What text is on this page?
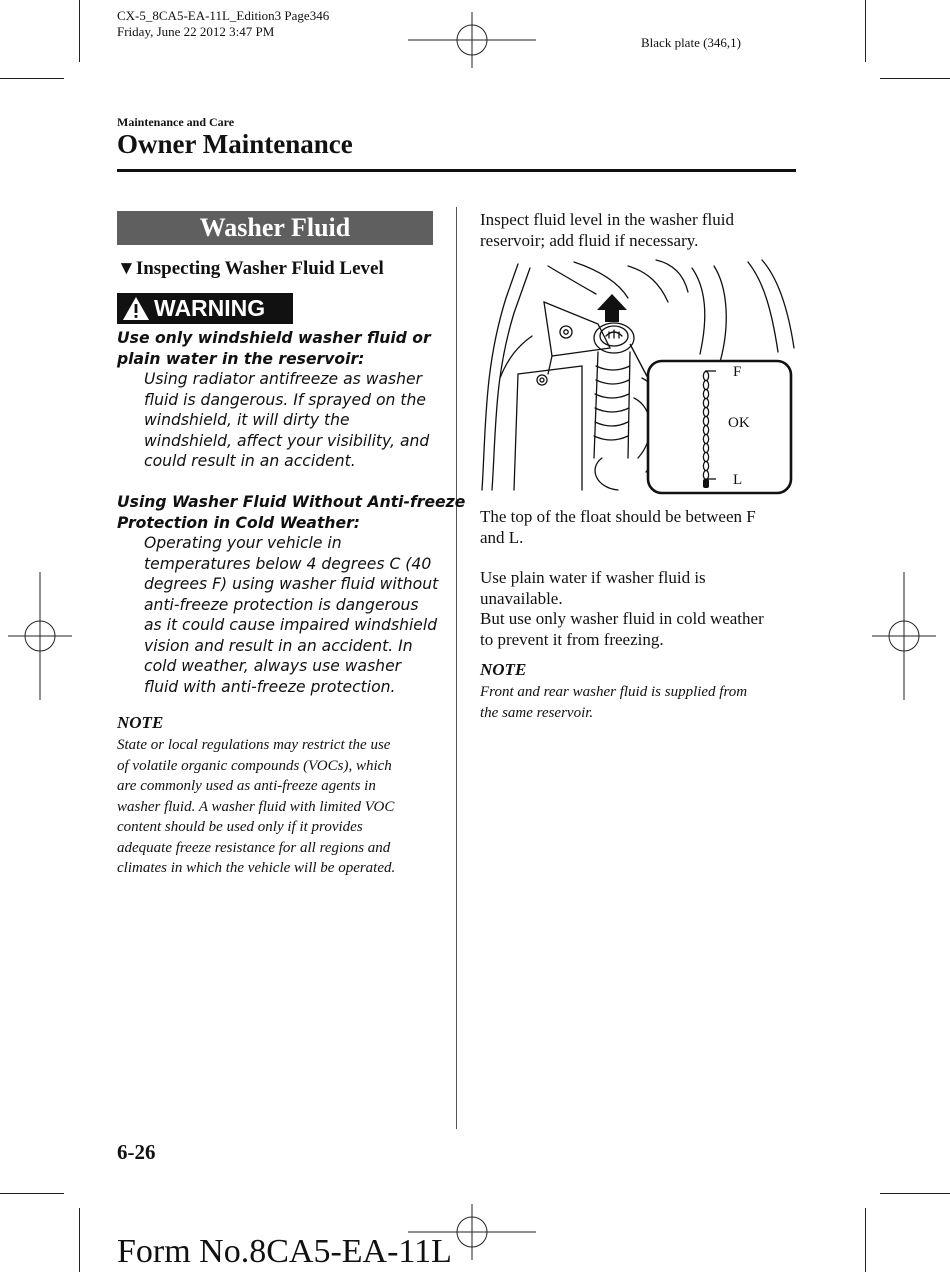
CX-5_8CA5-EA-11L_Edition3 Page346
Friday, June 22 2012 3:47 PM
Black plate (346,1)
Maintenance and Care
Owner Maintenance
Washer Fluid
▼Inspecting Washer Fluid Level
WARNING
Use only windshield washer fluid or
plain water in the reservoir:
Using radiator antifreeze as washer
fluid is dangerous. If sprayed on the
windshield, it will dirty the
windshield, affect your visibility, and
could result in an accident.
Using Washer Fluid Without Anti-freeze
Protection in Cold Weather:
Operating your vehicle in
temperatures below 4 degrees C (40
degrees F) using washer fluid without
anti-freeze protection is dangerous
as it could cause impaired windshield
vision and result in an accident. In
cold weather, always use washer
fluid with anti-freeze protection.
NOTE
State or local regulations may restrict the use
of volatile organic compounds (VOCs), which
are commonly used as anti-freeze agents in
washer fluid. A washer fluid with limited VOC
content should be used only if it provides
adequate freeze resistance for all regions and
climates in which the vehicle will be operated.
Inspect fluid level in the washer fluid
reservoir; add fluid if necessary.
F
OK
L
The top of the float should be between F
and L.
Use plain water if washer fluid is
unavailable.
But use only washer fluid in cold weather
to prevent it from freezing.
NOTE
Front and rear washer fluid is supplied from
the same reservoir.
6-26
Form No.8CA5-EA-11L
